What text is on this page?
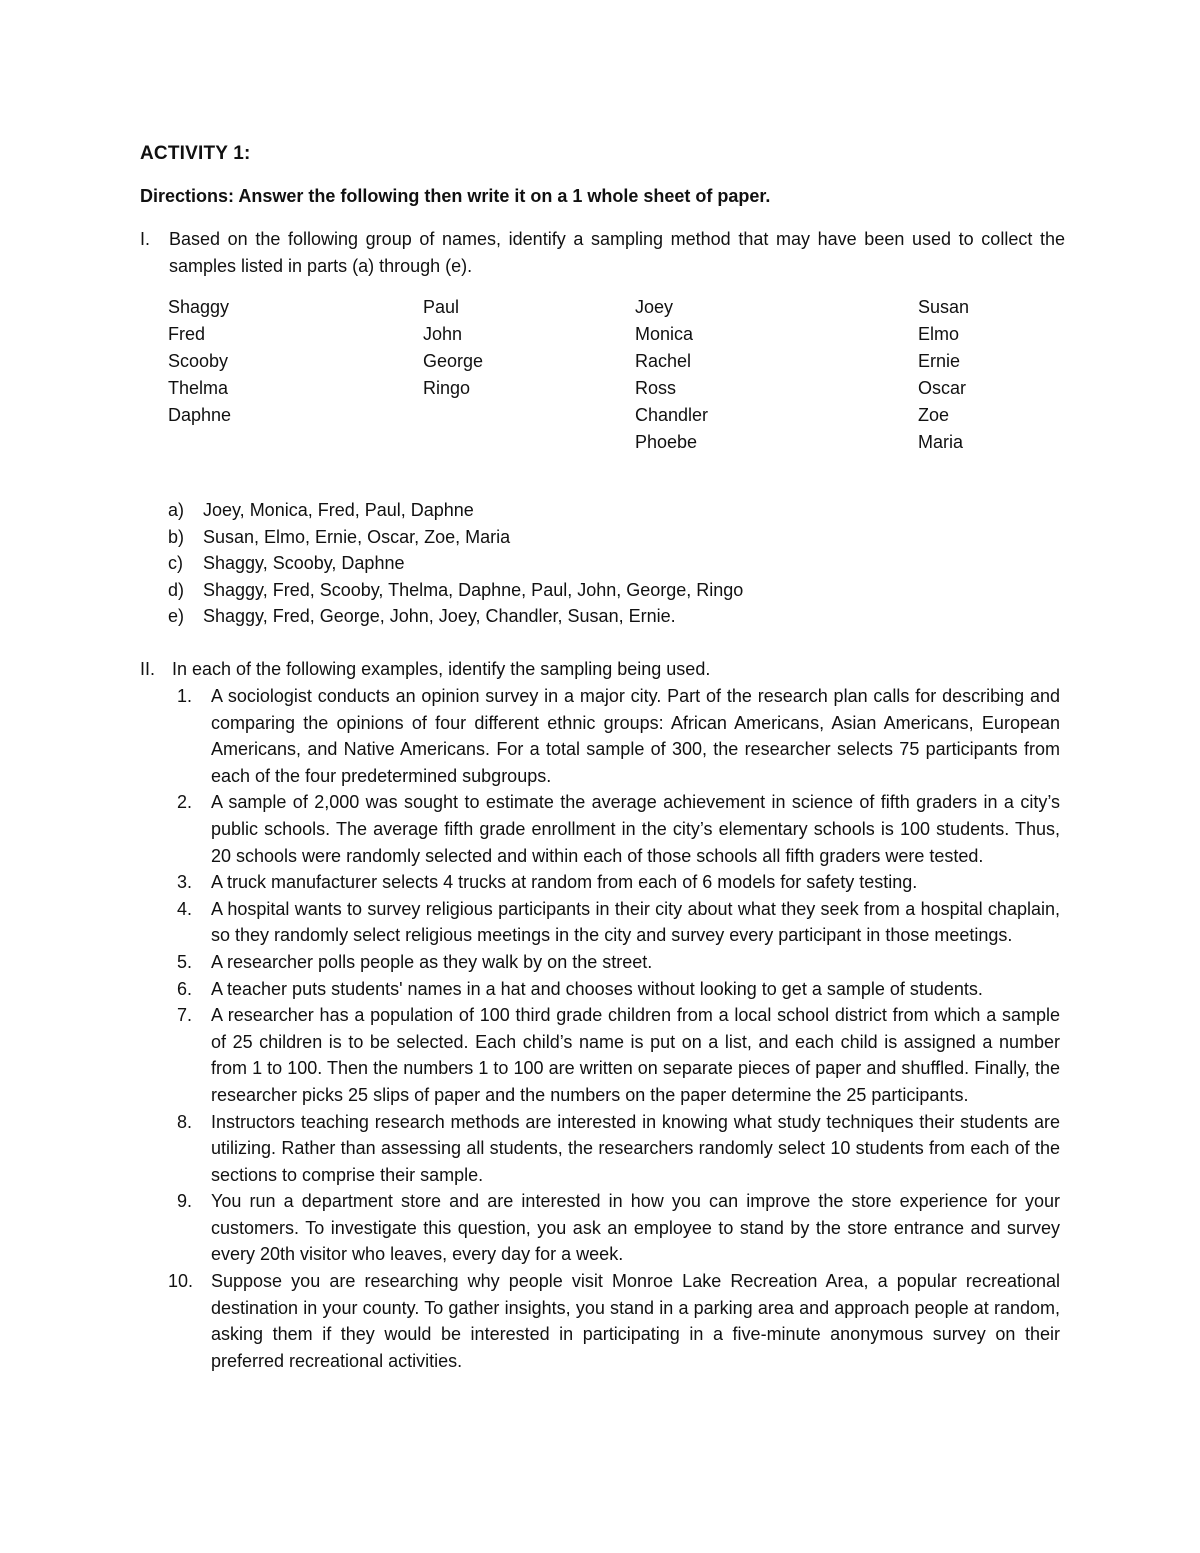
ACTIVITY 1:
Directions: Answer the following then write it on a 1 whole sheet of paper.
I. Based on the following group of names, identify a sampling method that may have been used to collect the samples listed in parts (a) through (e).
Shaggy
Fred
Scooby
Thelma
Daphne
Paul
John
George
Ringo
Joey
Monica
Rachel
Ross
Chandler
Phoebe
Susan
Elmo
Ernie
Oscar
Zoe
Maria
a) Joey, Monica, Fred, Paul, Daphne
b) Susan, Elmo, Ernie, Oscar, Zoe, Maria
c) Shaggy, Scooby, Daphne
d) Shaggy, Fred, Scooby, Thelma, Daphne, Paul, John, George, Ringo
e) Shaggy, Fred, George, John, Joey, Chandler, Susan, Ernie.
II. In each of the following examples, identify the sampling being used.
1. A sociologist conducts an opinion survey in a major city. Part of the research plan calls for describing and comparing the opinions of four different ethnic groups: African Americans, Asian Americans, European Americans, and Native Americans. For a total sample of 300, the researcher selects 75 participants from each of the four predetermined subgroups.
2. A sample of 2,000 was sought to estimate the average achievement in science of fifth graders in a city’s public schools. The average fifth grade enrollment in the city’s elementary schools is 100 students. Thus, 20 schools were randomly selected and within each of those schools all fifth graders were tested.
3. A truck manufacturer selects 4 trucks at random from each of 6 models for safety testing.
4. A hospital wants to survey religious participants in their city about what they seek from a hospital chaplain, so they randomly select religious meetings in the city and survey every participant in those meetings.
5. A researcher polls people as they walk by on the street.
6. A teacher puts students' names in a hat and chooses without looking to get a sample of students.
7. A researcher has a population of 100 third grade children from a local school district from which a sample of 25 children is to be selected. Each child’s name is put on a list, and each child is assigned a number from 1 to 100. Then the numbers 1 to 100 are written on separate pieces of paper and shuffled. Finally, the researcher picks 25 slips of paper and the numbers on the paper determine the 25 participants.
8. Instructors teaching research methods are interested in knowing what study techniques their students are utilizing. Rather than assessing all students, the researchers randomly select 10 students from each of the sections to comprise their sample.
9. You run a department store and are interested in how you can improve the store experience for your customers. To investigate this question, you ask an employee to stand by the store entrance and survey every 20th visitor who leaves, every day for a week.
10. Suppose you are researching why people visit Monroe Lake Recreation Area, a popular recreational destination in your county. To gather insights, you stand in a parking area and approach people at random, asking them if they would be interested in participating in a five-minute anonymous survey on their preferred recreational activities.
